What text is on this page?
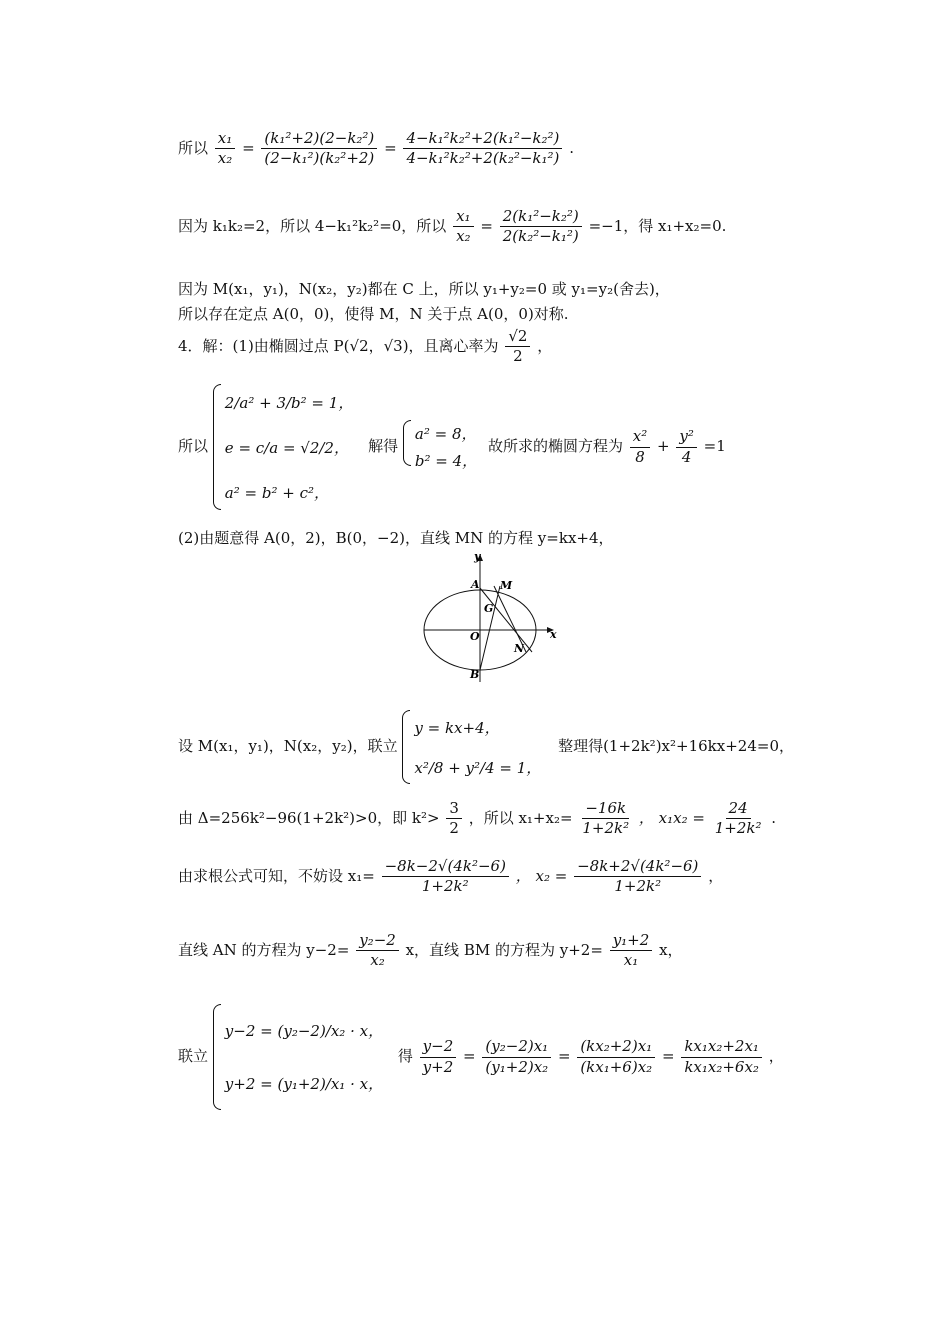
所以 $\frac{\text{x₁}}{\text{x₂}} = \frac{\text{(k₁²+2)(2−k₂²)}}{\text{(2−k₁²)(k₂²+2)}} = \frac{\text{4−k₁²k₂²+2(k₁²−k₂²)}}{\text{4−k₁²k₂²+2(k₂²−k₁²)}}$ .
因为 k₁k₂=2，所以 4−k₁²k₂²=0，所以 $\frac{\text{x₁}}{\text{x₂}} = \frac{\text{2(k₁²−k₂²)}}{\text{2(k₂²−k₁²)}} =-1$，得 x₁+x₂=0.
因为 M(x₁，y₁)，N(x₂，y₂)都在 C 上，所以 y₁+y₂=0 或 y₁=y₂(舍去)，
所以存在定点 A(0，0)，使得 M，N 关于点 A(0，0)对称.
4．解：(1)由椭圆过点 P(√2，√3)，且离心率为 $\frac{√2}{2}$ ，
所以
2/a² + 3/b² = 1，
e = c/a = √2/2，
a² = b² + c²，
解得
a² = 8，
b² = 4，
故所求的椭圆方程为 $\frac{\text{x²}}{8} + \frac{\text{y²}}{4} =1$
(2)由题意得 A(0，2)，B(0，−2)，直线 MN 的方程 y=kx+4，
y
x
A M
G
O
N
B
设 M(x₁，y₁)，N(x₂，y₂)，联立
y = kx+4，
x²/8 + y²/4 = 1，
整理得(1+2k²)x²+16kx+24=0，
由 Δ=256k²−96(1+2k²)>0，即 $k^2> \frac{3}{2}$ ，所以 $x_1+x_2= \frac{-16k}{\text{1+2k²}}$ ， $x_1x_2 = \frac{24}{\text{1+2k²}}$ .
由求根公式可知，不妨设 $x_1= \frac{\text{−8k−2√(4k²−6)}}{\text{1+2k²}}$ ， $x_2 = \frac{\text{−8k+2√(4k²−6)}}{\text{1+2k²}}$ ，
直线 AN 的方程为 $y-2= \frac{\text{y₂−2}}{\text{x₂}}$ x，直线 BM 的方程为 $y+2= \frac{\text{y₁+2}}{\text{x₁}}$ x，
联立
y−2 = (y₂−2)/x₂ · x，
y+2 = (y₁+2)/x₁ · x，
得 $\frac{y-2}{y+2} = \frac{\text{(y₂−2)x₁}}{\text{(y₁+2)x₂}} = \frac{\text{(kx₂+2)x₁}}{\text{(kx₁+6)x₂}} = \frac{\text{kx₁x₂+2x₁}}{\text{kx₁x₂+6x₂}}$ ，
